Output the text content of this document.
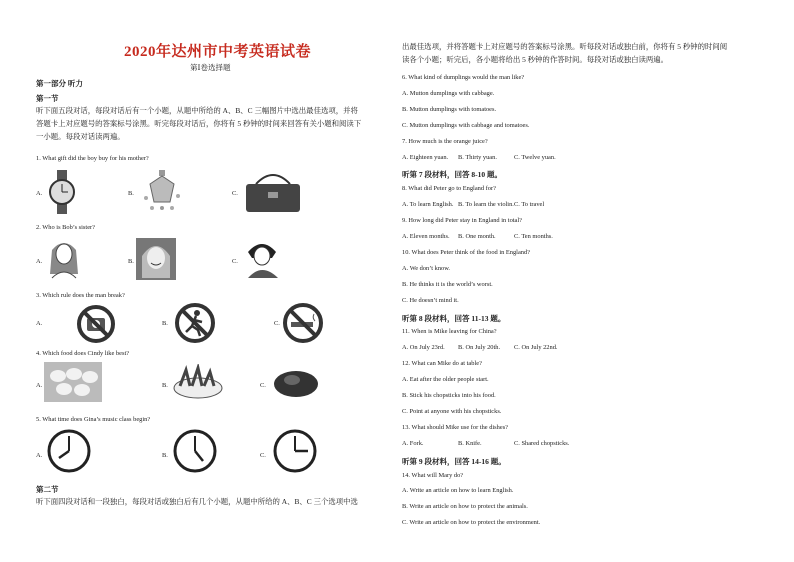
2020年达州市中考英语试卷
第Ⅰ卷选择题
第一部分 听力
第一节
听下面五段对话，每段对话后有一个小题，从题中所给的 A、B、C 三幅图片中选出最佳选项，并将
答题卡上对应题号的答案标号涂黑。听完每段对话后，你将有 5 秒钟的时间来回答有关小题和阅读下
一小题。每段对话读两遍。
1. What gift did the boy buy for his mother?
A.	B.	C.
2. Who is Bob’s sister?
A.	B.	C.
3. Which rule does the man break?
A.	B.	C.
4. Which food does Cindy like best?
A.	B.	C.
5. What time does Gina’s music class begin?
A.	B.	C.
第二节
听下面四段对话和一段独白，每段对话或独白后有几个小题，从题中所给的 A、B、C 三个选项中选
出最佳选项，并将答题卡上对应题号的答案标号涂黑。听每段对话或独白前，你将有 5 秒钟的时间阅
读各个小题；听完后，各小题将给出 5 秒钟的作答时间。每段对话或独白读两遍。
6. What kind of dumplings would the man like?
A. Mutton dumplings with cabbage.
B. Mutton dumplings with tomatoes.
C. Mutton dumplings with cabbage and tomatoes.
7. How much is the orange juice?
A. Eighteen yuan. B. Thirty yuan.	C. Twelve yuan.
听第 7 段材料，回答 8-10 题。
8. What did Peter go to England for?
A. To learn English. B. To learn the violin. C. To travel
9. How long did Peter stay in England in total?
A. Eleven months. B. One month.	C. Ten months.
10. What does Peter think of the food in England?
A. We don’t know.
B. He thinks it is the world’s worst.
C. He doesn’t mind it.
听第 8 段材料，回答 11-13 题。
11. When is Mike leaving for China?
A. On July 23rd. B. On July 20th. C. On July 22nd.
12. What can Mike do at table?
A. Eat after the older people start.
B. Stick his chopsticks into his food.
C. Point at anyone with his chopsticks.
13. What should Mike use for the dishes?
A. Fork.	B. Knife.	C. Shared chopsticks.
听第 9 段材料，回答 14-16 题。
14. What will Mary do?
A. Write an article on how to learn English.
B. Write an article on how to protect the animals.
C. Write an article on how to protect the environment.
